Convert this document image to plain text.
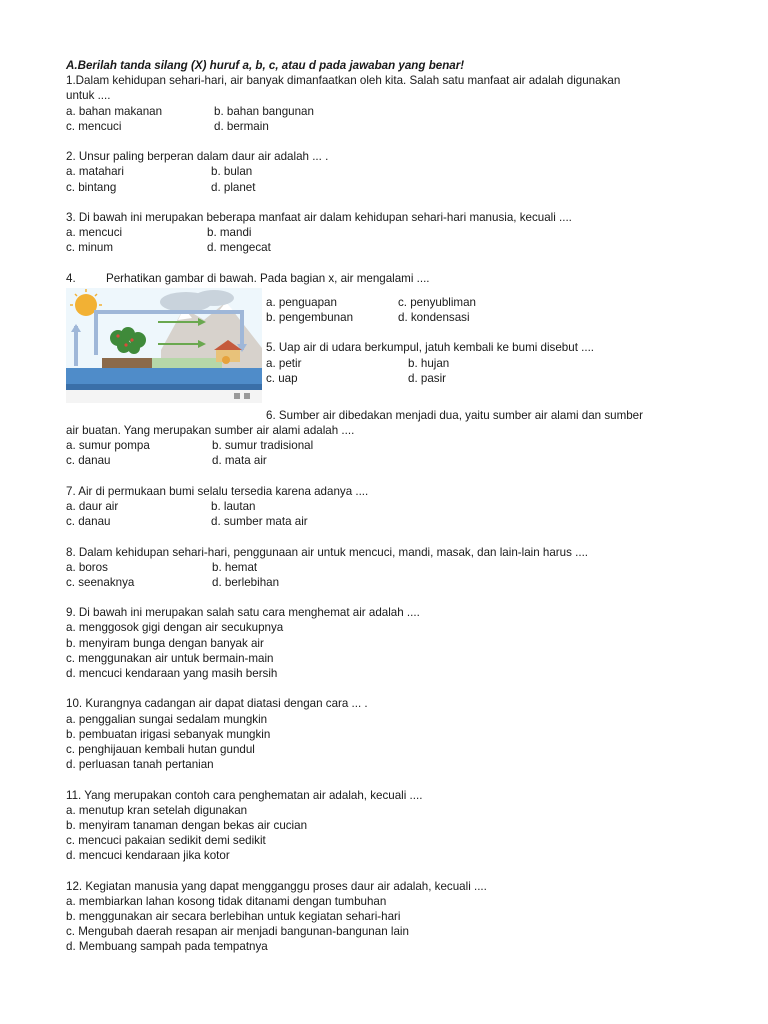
A.Berilah tanda silang (X) huruf a, b, c, atau d pada jawaban yang benar!
1.Dalam kehidupan sehari-hari, air banyak dimanfaatkan oleh kita. Salah satu manfaat air adalah digunakan
untuk ....
a. bahan makanan	b. bahan bangunan
c. mencuci	d. bermain
2. Unsur paling berperan dalam daur air adalah ... .
a. matahari	b. bulan
c. bintang	d. planet
3. Di bawah ini merupakan beberapa manfaat air dalam kehidupan sehari-hari manusia, kecuali ....
a. mencuci	b. mandi
c. minum	d. mengecat
4.	Perhatikan gambar di bawah. Pada bagian x, air mengalami ....
a. penguapan	c. penyubliman
b. pengembunan	d. kondensasi
5. Uap air di udara berkumpul, jatuh kembali ke bumi disebut ....
a. petir	b. hujan
c. uap	d. pasir
6. Sumber air dibedakan menjadi dua, yaitu sumber air alami dan sumber
air buatan. Yang merupakan sumber air alami adalah ....
a. sumur pompa	b. sumur tradisional
c. danau	d. mata air
7. Air di permukaan bumi selalu tersedia karena adanya ....
a. daur air	b. lautan
c. danau	d. sumber mata air
8. Dalam kehidupan sehari-hari, penggunaan air untuk mencuci, mandi, masak, dan lain-lain harus ....
a. boros	b. hemat
c. seenaknya	d. berlebihan
9. Di bawah ini merupakan salah satu cara menghemat air adalah ....
a. menggosok gigi dengan air secukupnya
b. menyiram bunga dengan banyak air
c. menggunakan air untuk bermain-main
d. mencuci kendaraan yang masih bersih
10. Kurangnya cadangan air dapat diatasi dengan cara ... .
a. penggalian sungai sedalam mungkin
b. pembuatan irigasi sebanyak mungkin
c. penghijauan kembali hutan gundul
d. perluasan tanah pertanian
11. Yang merupakan contoh cara penghematan air adalah, kecuali ....
a. menutup kran setelah digunakan
b. menyiram tanaman dengan bekas air cucian
c. mencuci pakaian sedikit demi sedikit
d. mencuci kendaraan jika kotor
12. Kegiatan manusia yang dapat mengganggu proses daur air adalah, kecuali ....
a. membiarkan lahan kosong tidak ditanami dengan tumbuhan
b. menggunakan air secara berlebihan untuk kegiatan sehari-hari
c. Mengubah daerah resapan air menjadi bangunan-bangunan lain
d. Membuang sampah pada tempatnya
